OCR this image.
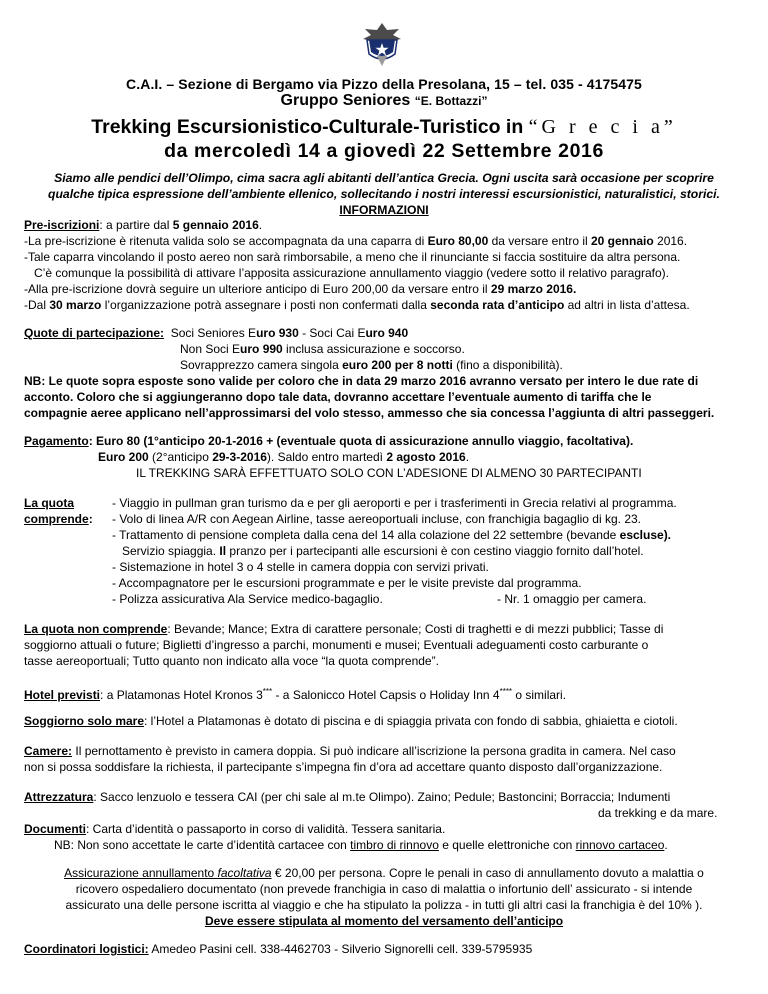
C.A.I. – Sezione di Bergamo via Pizzo della Presolana, 15 – tel. 035 - 4175475
Gruppo Seniores “E. Bottazzi”
Trekking Escursionistico-Culturale-Turistico in “G r e c i a”
da mercoledì 14 a giovedì 22 Settembre 2016
Siamo alle pendici dell’Olimpo, cima sacra agli abitanti dell’antica Grecia. Ogni uscita sarà occasione per scoprire
qualche tipica espressione dell’ambiente ellenico, sollecitando i nostri interessi escursionistici, naturalistici, storici.
INFORMAZIONI
Pre-iscrizioni: a partire dal 5 gennaio 2016.
-La pre-iscrizione è ritenuta valida solo se accompagnata da una caparra di Euro 80,00 da versare entro il 20 gennaio 2016.
-Tale caparra vincolando il posto aereo non sarà rimborsabile, a meno che il rinunciante si faccia sostituire da altra persona.
C’è comunque la possibilità di attivare l’apposita assicurazione annullamento viaggio (vedere sotto il relativo paragrafo).
-Alla pre-iscrizione dovrà seguire un ulteriore anticipo di Euro 200,00 da versare entro il 29 marzo 2016.
-Dal 30 marzo l’organizzazione potrà assegnare i posti non confermati dalla seconda rata d’anticipo ad altri in lista d’attesa.
Quote di partecipazione: Soci Seniores Euro 930 - Soci Cai Euro 940
Non Soci Euro 990 inclusa assicurazione e soccorso.
Sovrapprezzo camera singola euro 200 per 8 notti (fino a disponibilità).
NB: Le quote sopra esposte sono valide per coloro che in data 29 marzo 2016 avranno versato per intero le due rate di
acconto. Coloro che si aggiungeranno dopo tale data, dovranno accettare l’eventuale aumento di tariffa che le
compagnie aeree applicano nell’approssimarsi del volo stesso, ammesso che sia concessa l’aggiunta di altri passeggeri.
Pagamento: Euro 80 (1°anticipo 20-1-2016 + (eventuale quota di assicurazione annullo viaggio, facoltativa).
Euro 200 (2°anticipo 29-3-2016). Saldo entro martedì 2 agosto 2016.
IL TREKKING SARÀ EFFETTUATO SOLO CON L’ADESIONE DI ALMENO 30 PARTECIPANTI
La quota
comprende:
- Viaggio in pullman gran turismo da e per gli aeroporti e per i trasferimenti in Grecia relativi al programma.
- Volo di linea A/R con Aegean Airline, tasse aereoportuali incluse, con franchigia bagaglio di kg. 23.
- Trattamento di pensione completa dalla cena del 14 alla colazione del 22 settembre (bevande escluse).
Servizio spiaggia. Il pranzo per i partecipanti alle escursioni è con cestino viaggio fornito dall’hotel.
- Sistemazione in hotel 3 o 4 stelle in camera doppia con servizi privati.
- Accompagnatore per le escursioni programmate e per le visite previste dal programma.
- Polizza assicurativa Ala Service medico-bagaglio.	- Nr. 1 omaggio per camera.
La quota non comprende: Bevande; Mance; Extra di carattere personale; Costi di traghetti e di mezzi pubblici; Tasse di
soggiorno attuali o future; Biglietti d’ingresso a parchi, monumenti e musei; Eventuali adeguamenti costo carburante o
tasse aereoportuali; Tutto quanto non indicato alla voce “la quota comprende”.
Hotel previsti: a Platamonas Hotel Kronos 3*** - a Salonicco Hotel Capsis o Holiday Inn 4**** o similari.
Soggiorno solo mare: l’Hotel a Platamonas è dotato di piscina e di spiaggia privata con fondo di sabbia, ghiaietta e ciotoli.
Camere: Il pernottamento è previsto in camera doppia. Si può indicare all’iscrizione la persona gradita in camera. Nel caso
non si possa soddisfare la richiesta, il partecipante s’impegna fin d’ora ad accettare quanto disposto dall’organizzazione.
Attrezzatura: Sacco lenzuolo e tessera CAI (per chi sale al m.te Olimpo). Zaino; Pedule; Bastoncini; Borraccia; Indumenti
da trekking e da mare.
Documenti: Carta d’identità o passaporto in corso di validità. Tessera sanitaria.
NB: Non sono accettate le carte d’identità cartacee con timbro di rinnovo e quelle elettroniche con rinnovo cartaceo.
Assicurazione annullamento facoltativa € 20,00 per persona. Copre le penali in caso di annullamento dovuto a malattia o
ricovero ospedaliero documentato (non prevede franchigia in caso di malattia o infortunio dell’ assicurato - si intende
assicurato una delle persone iscritta al viaggio e che ha stipulato la polizza - in tutti gli altri casi la franchigia è del 10% ).
Deve essere stipulata al momento del versamento dell’anticipo
Coordinatori logistici: Amedeo Pasini cell. 338-4462703 - Silverio Signorelli cell. 339-5795935
